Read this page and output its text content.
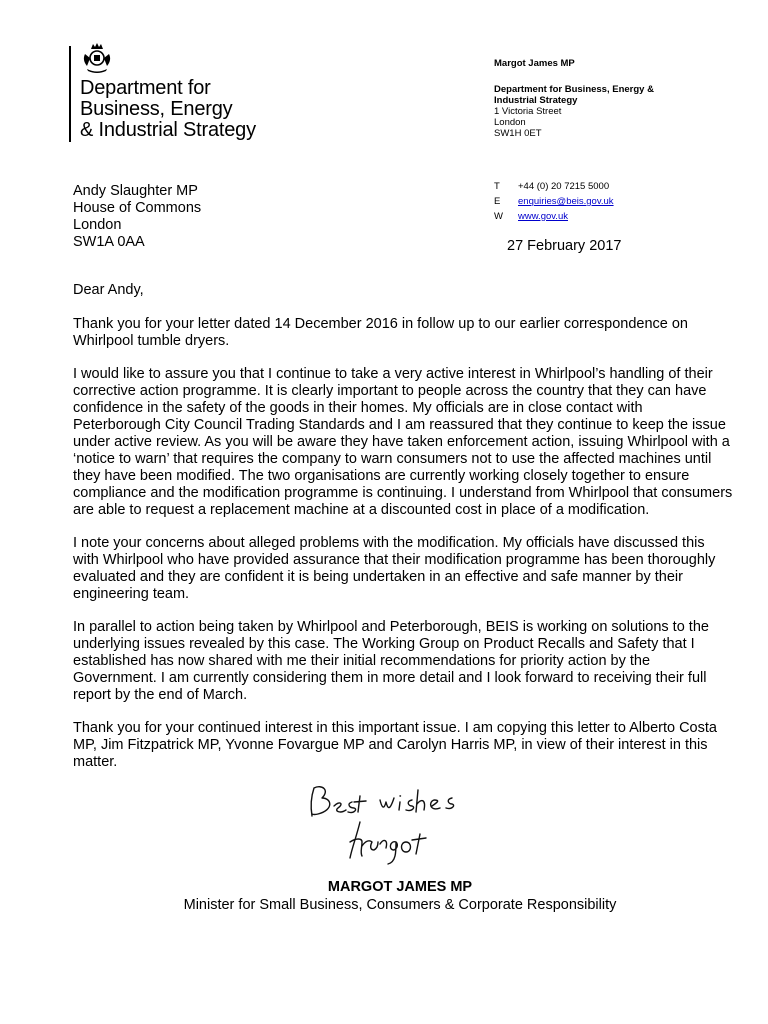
Department for
Business, Energy
& Industrial Strategy
Margot James MP
Department for Business, Energy &
Industrial Strategy
1 Victoria Street
London
SW1H 0ET
T	+44 (0) 20 7215 5000
E	enquiries@beis.gov.uk
W	www.gov.uk
Andy Slaughter MP
House of Commons
London
SW1A 0AA	27 February 2017

Dear Andy,

Thank you for your letter dated 14 December 2016 in follow up to our earlier correspondence on Whirlpool tumble dryers.

I would like to assure you that I continue to take a very active interest in Whirlpool’s handling of their corrective action programme. It is clearly important to people across the country that they can have confidence in the safety of the goods in their homes. My officials are in close contact with Peterborough City Council Trading Standards and I am reassured that they continue to keep the issue under active review. As you will be aware they have taken enforcement action, issuing Whirlpool with a ‘notice to warn’ that requires the company to warn consumers not to use the affected machines until they have been modified. The two organisations are currently working closely together to ensure compliance and the modification programme is continuing. I understand from Whirlpool that consumers are able to request a replacement machine at a discounted cost in place of a modification.

I note your concerns about alleged problems with the modification. My officials have discussed this with Whirlpool who have provided assurance that their modification programme has been thoroughly evaluated and they are confident it is being undertaken in an effective and safe manner by their engineering team.

In parallel to action being taken by Whirlpool and Peterborough, BEIS is working on solutions to the underlying issues revealed by this case. The Working Group on Product Recalls and Safety that I established has now shared with me their initial recommendations for priority action by the Government. I am currently considering them in more detail and I look forward to receiving their full report by the end of March.

Thank you for your continued interest in this important issue. I am copying this letter to Alberto Costa MP, Jim Fitzpatrick MP, Yvonne Fovargue MP and Carolyn Harris MP, in view of their interest in this matter.

MARGOT JAMES MP
Minister for Small Business, Consumers & Corporate Responsibility
